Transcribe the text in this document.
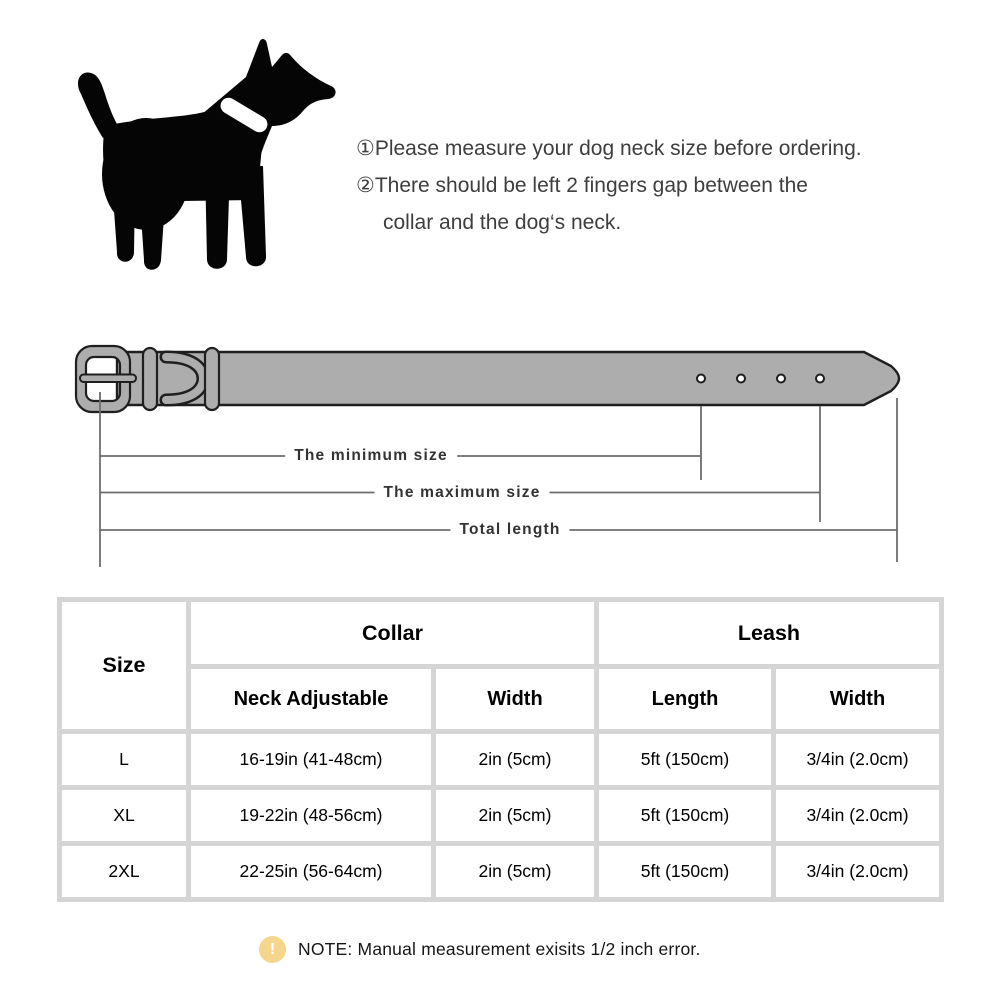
①Please measure your dog neck size before ordering.
②There should be left 2 fingers gap between the
collar and the dog‘s neck.
The minimum size
The maximum size
Total length
Size
Collar	Leash
Neck Adjustable	Width	Length	Width
L	16-19in (41-48cm)	2in (5cm)	5ft (150cm)	3/4in (2.0cm)
XL	19-22in (48-56cm)	2in (5cm)	5ft (150cm)	3/4in (2.0cm)
2XL	22-25in (56-64cm)	2in (5cm)	5ft (150cm)	3/4in (2.0cm)
!	NOTE: Manual measurement exisits 1/2 inch error.
